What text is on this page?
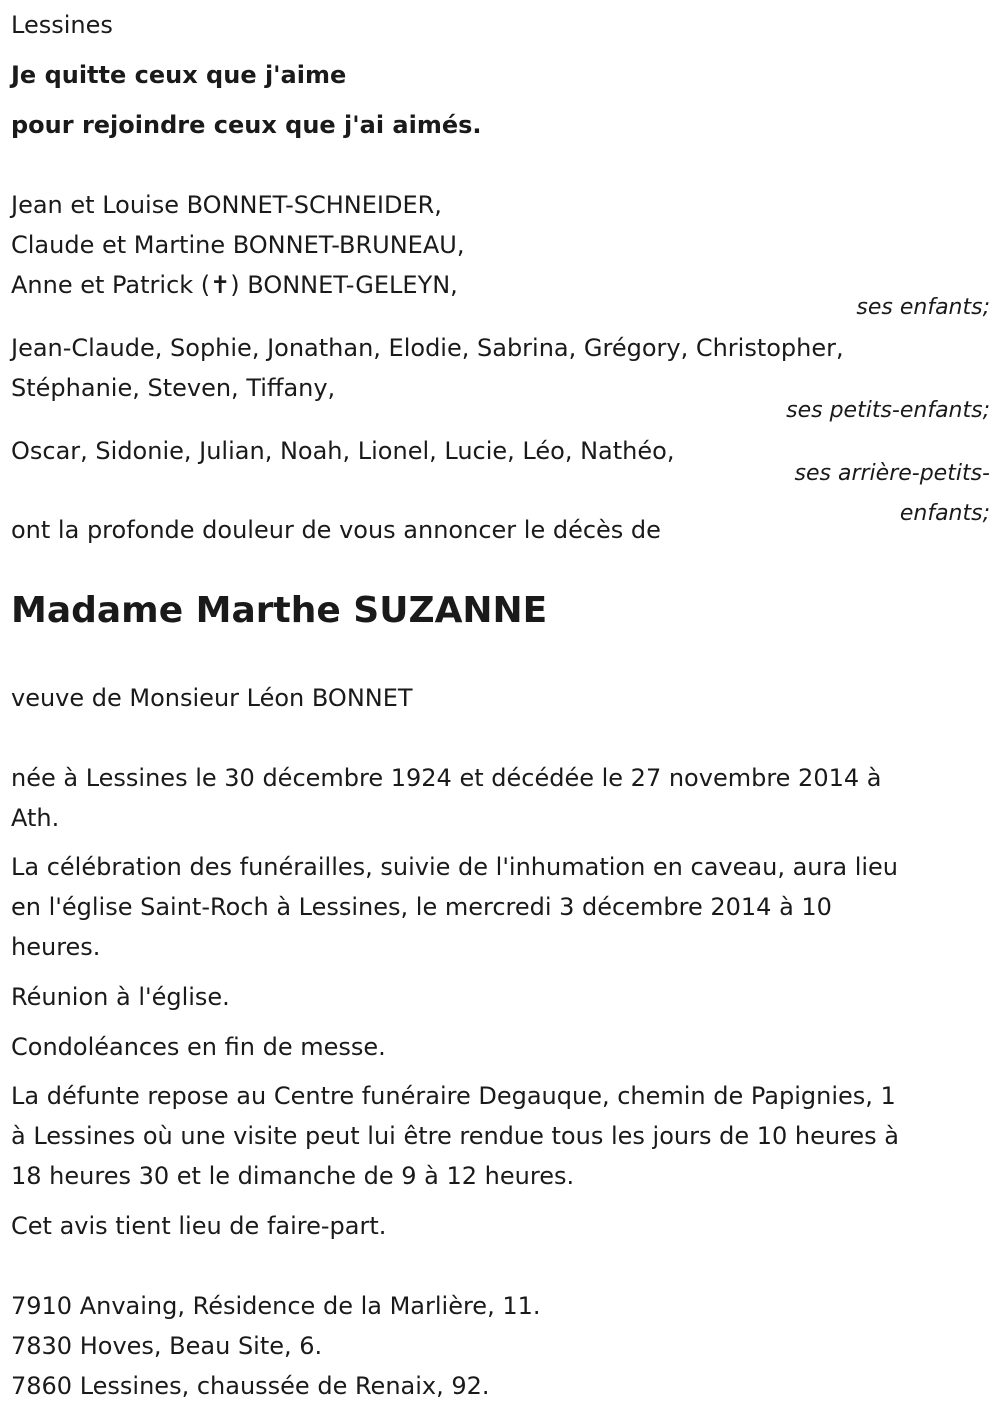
Lessines
Je quitte ceux que j'aime
pour rejoindre ceux que j'ai aimés.
Jean et Louise BONNET-SCHNEIDER,
Claude et Martine BONNET-BRUNEAU,
Anne et Patrick (✝) BONNET-GELEYN,
ses enfants;
Jean-Claude, Sophie, Jonathan, Elodie, Sabrina, Grégory, Christopher,
Stéphanie, Steven, Tiffany,
ses petits-enfants;
Oscar, Sidonie, Julian, Noah, Lionel, Lucie, Léo, Nathéo,
ses arrière-petits-
enfants;
ont la profonde douleur de vous annoncer le décès de
Madame Marthe SUZANNE
veuve de Monsieur Léon BONNET
née à Lessines le 30 décembre 1924 et décédée le 27 novembre 2014 à
Ath.
La célébration des funérailles, suivie de l'inhumation en caveau, aura lieu
en l'église Saint-Roch à Lessines, le mercredi 3 décembre 2014 à 10
heures.
Réunion à l'église.
Condoléances en fin de messe.
La défunte repose au Centre funéraire Degauque, chemin de Papignies, 1
à Lessines où une visite peut lui être rendue tous les jours de 10 heures à
18 heures 30 et le dimanche de 9 à 12 heures.
Cet avis tient lieu de faire-part.
7910 Anvaing, Résidence de la Marlière, 11.
7830 Hoves, Beau Site, 6.
7860 Lessines, chaussée de Renaix, 92.
